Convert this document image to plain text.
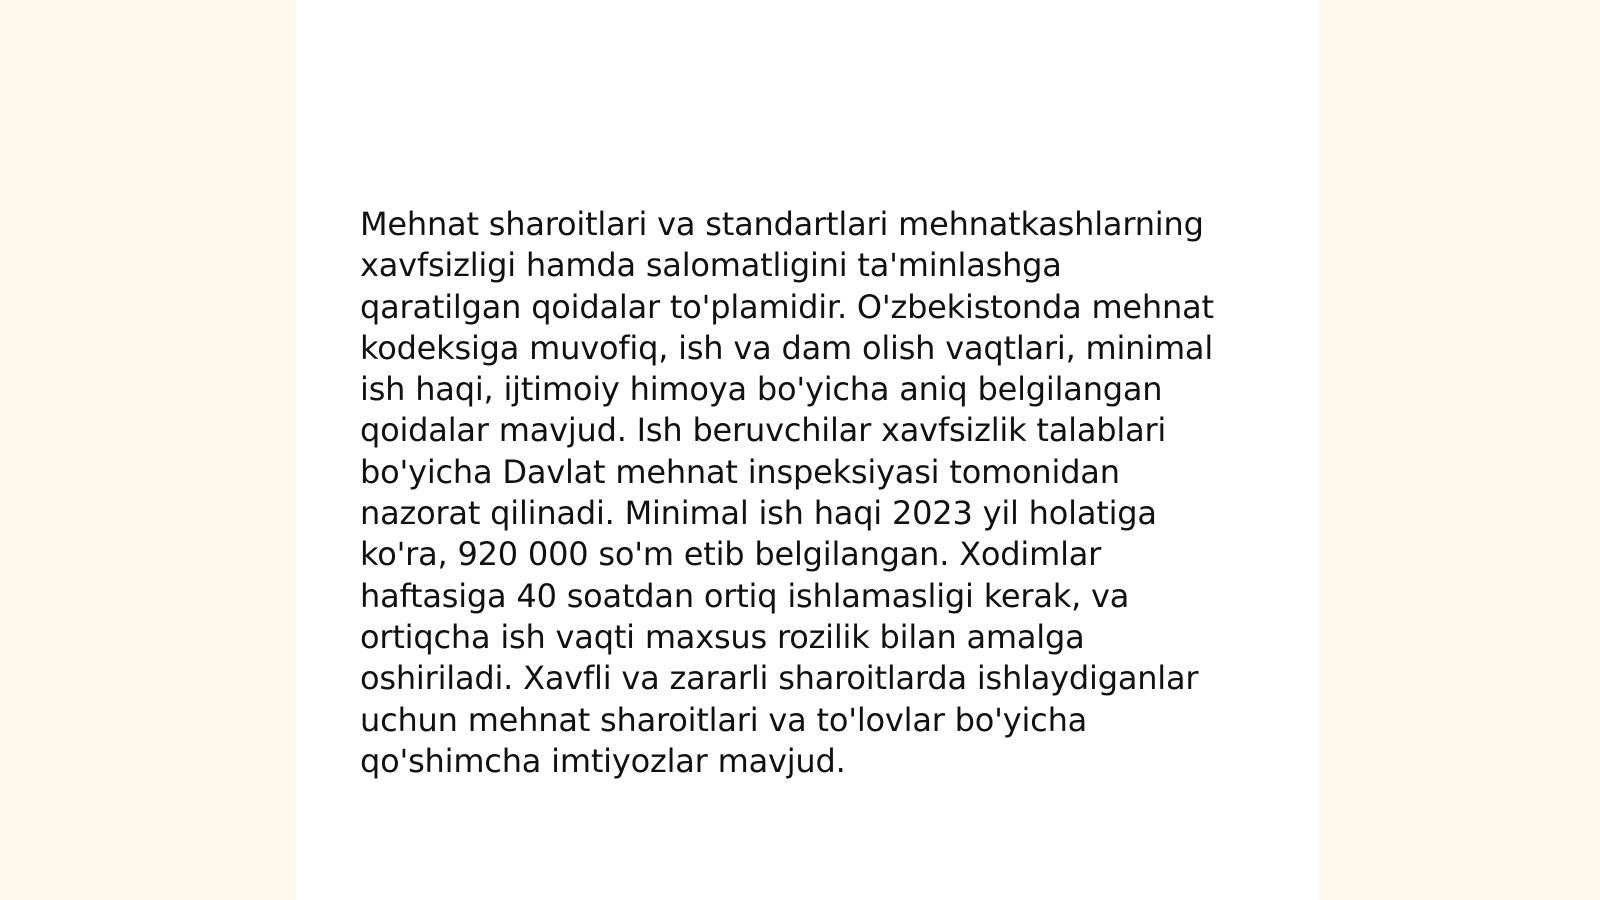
Mehnat sharoitlari va standartlari mehnatkashlarning
xavfsizligi hamda salomatligini ta'minlashga
qaratilgan qoidalar to'plamidir. O'zbekistonda mehnat
kodeksiga muvofiq, ish va dam olish vaqtlari, minimal
ish haqi, ijtimoiy himoya bo'yicha aniq belgilangan
qoidalar mavjud. Ish beruvchilar xavfsizlik talablari
bo'yicha Davlat mehnat inspeksiyasi tomonidan
nazorat qilinadi. Minimal ish haqi 2023 yil holatiga
ko'ra, 920 000 so'm etib belgilangan. Xodimlar
haftasiga 40 soatdan ortiq ishlamasligi kerak, va
ortiqcha ish vaqti maxsus rozilik bilan amalga
oshiriladi. Xavfli va zararli sharoitlarda ishlaydiganlar
uchun mehnat sharoitlari va to'lovlar bo'yicha
qo'shimcha imtiyozlar mavjud.
